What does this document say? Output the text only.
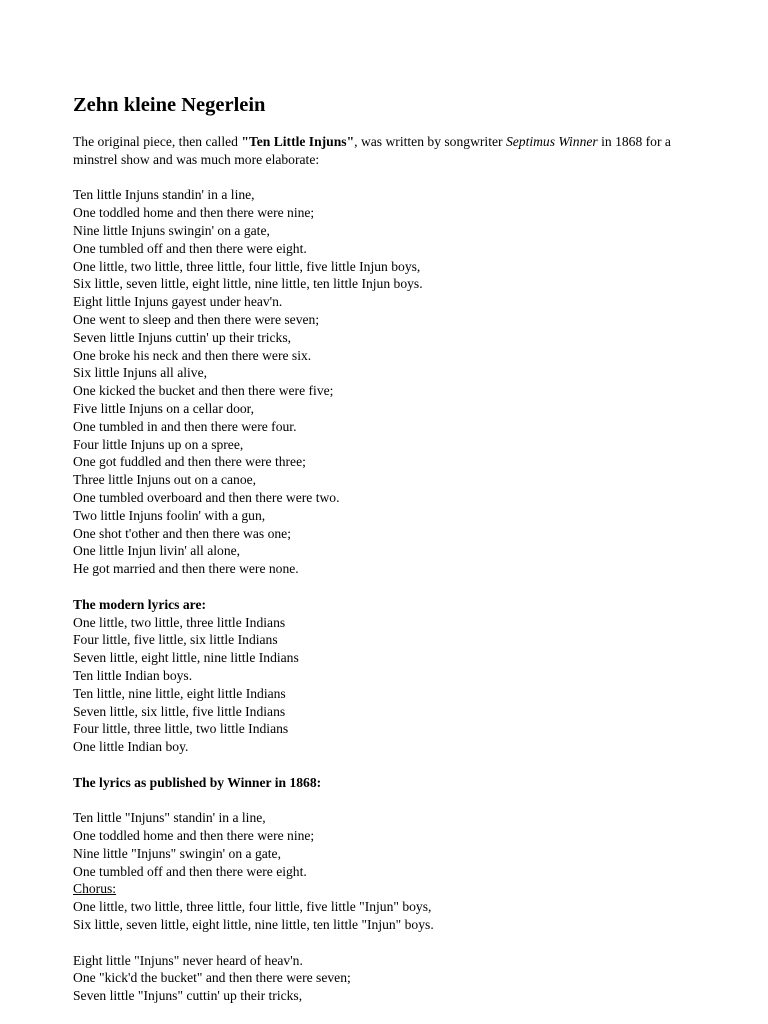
Zehn kleine Negerlein

The original piece, then called "Ten Little Injuns", was written by songwriter Septimus Winner in 1868 for a minstrel show and was much more elaborate:

Ten little Injuns standin' in a line,
One toddled home and then there were nine;
Nine little Injuns swingin' on a gate,
One tumbled off and then there were eight.
One little, two little, three little, four little, five little Injun boys,
Six little, seven little, eight little, nine little, ten little Injun boys.
Eight little Injuns gayest under heav'n.
One went to sleep and then there were seven;
Seven little Injuns cuttin' up their tricks,
One broke his neck and then there were six.
Six little Injuns all alive,
One kicked the bucket and then there were five;
Five little Injuns on a cellar door,
One tumbled in and then there were four.
Four little Injuns up on a spree,
One got fuddled and then there were three;
Three little Injuns out on a canoe,
One tumbled overboard and then there were two.
Two little Injuns foolin' with a gun,
One shot t'other and then there was one;
One little Injun livin' all alone,
He got married and then there were none.
The modern lyrics are:
One little, two little, three little Indians
Four little, five little, six little Indians
Seven little, eight little, nine little Indians
Ten little Indian boys.
Ten little, nine little, eight little Indians
Seven little, six little, five little Indians
Four little, three little, two little Indians
One little Indian boy.
The lyrics as published by Winner in 1868:
Ten little "Injuns" standin' in a line,
One toddled home and then there were nine;
Nine little "Injuns" swingin' on a gate,
One tumbled off and then there were eight.
Chorus:
One little, two little, three little, four little, five little "Injun" boys,
Six little, seven little, eight little, nine little, ten little "Injun" boys.
Eight little "Injuns" never heard of heav'n.
One "kick'd the bucket" and then there were seven;
Seven little "Injuns" cuttin' up their tricks,
